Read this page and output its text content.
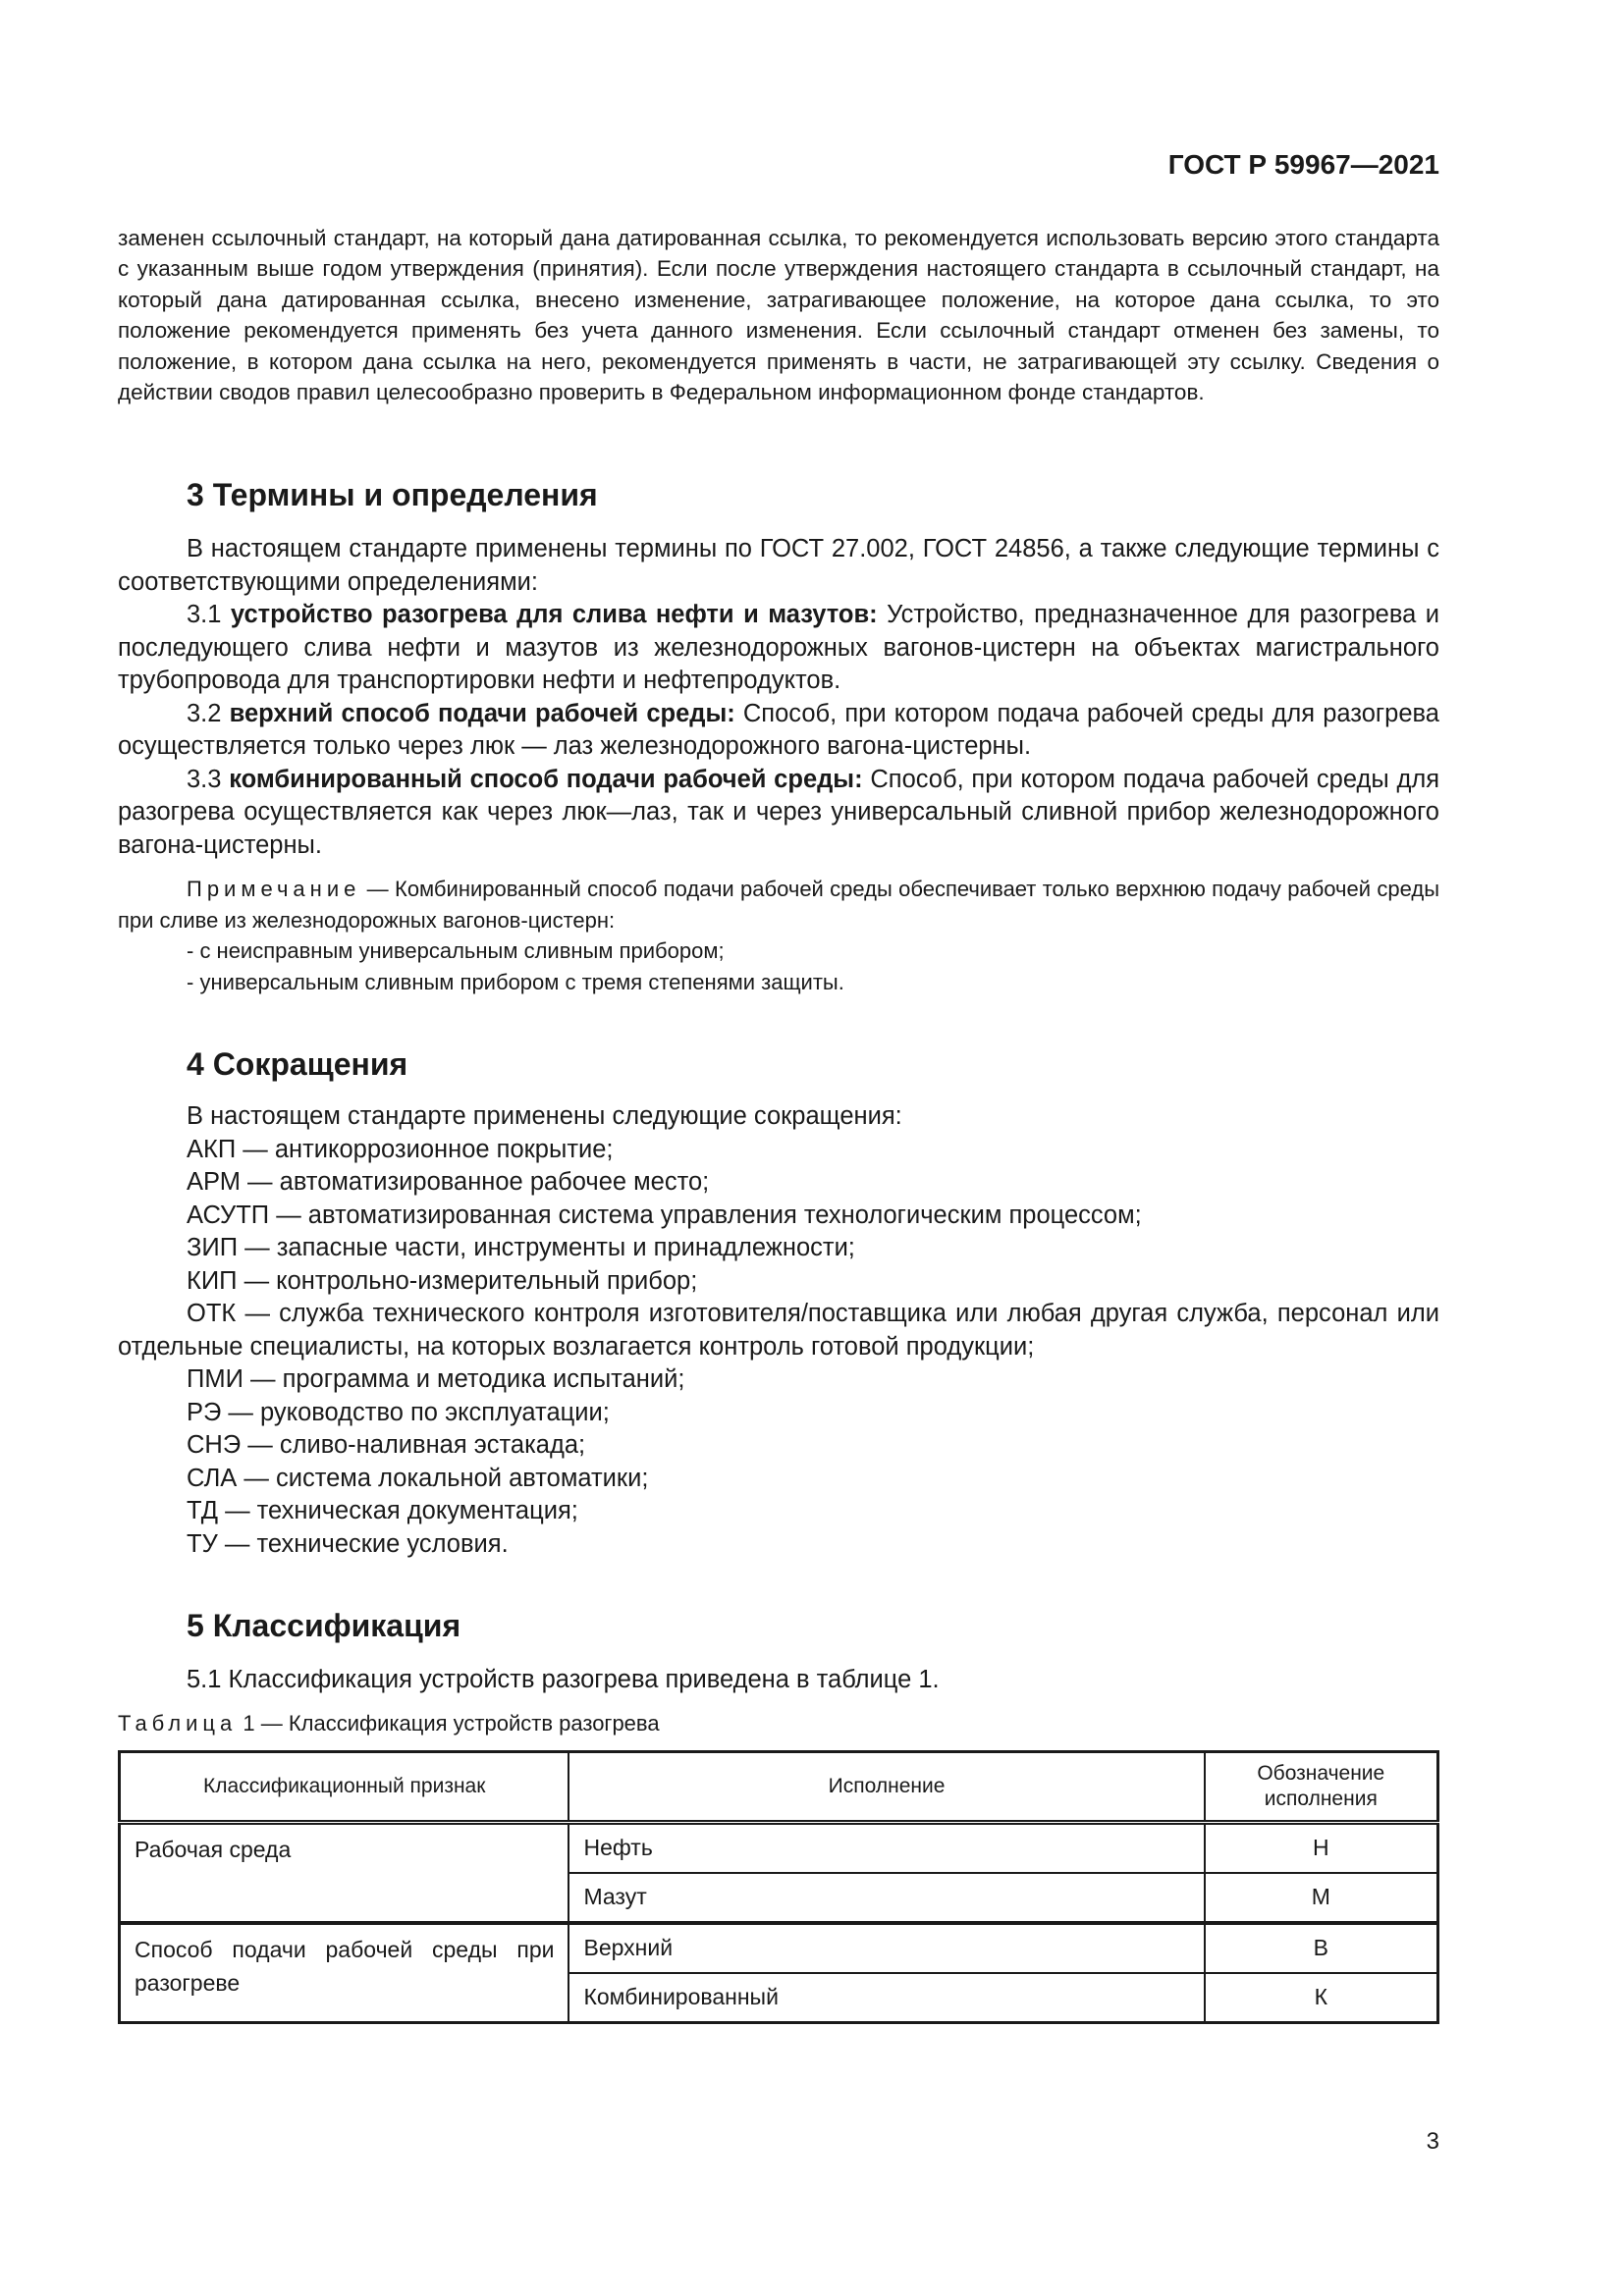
ГОСТ Р 59967—2021

заменен ссылочный стандарт, на который дана датированная ссылка, то рекомендуется использовать версию этого стандарта с указанным выше годом утверждения (принятия). Если после утверждения настоящего стандарта в ссылочный стандарт, на который дана датированная ссылка, внесено изменение, затрагивающее положение, на которое дана ссылка, то это положение рекомендуется применять без учета данного изменения. Если ссылочный стандарт отменен без замены, то положение, в котором дана ссылка на него, рекомендуется применять в части, не затрагивающей эту ссылку. Сведения о действии сводов правил целесообразно проверить в Федеральном информационном фонде стандартов.

3 Термины и определения

В настоящем стандарте применены термины по ГОСТ 27.002, ГОСТ 24856, а также следующие термины с соответствующими определениями:

3.1 устройство разогрева для слива нефти и мазутов: Устройство, предназначенное для разогрева и последующего слива нефти и мазутов из железнодорожных вагонов-цистерн на объектах магистрального трубопровода для транспортировки нефти и нефтепродуктов.

3.2 верхний способ подачи рабочей среды: Способ, при котором подача рабочей среды для разогрева осуществляется только через люк — лаз железнодорожного вагона-цистерны.

3.3 комбинированный способ подачи рабочей среды: Способ, при котором подача рабочей среды для разогрева осуществляется как через люк—лаз, так и через универсальный сливной прибор железнодорожного вагона-цистерны.

Примечание — Комбинированный способ подачи рабочей среды обеспечивает только верхнюю подачу рабочей среды при сливе из железнодорожных вагонов-цистерн:

- с неисправным универсальным сливным прибором;

- универсальным сливным прибором с тремя степенями защиты.

4 Сокращения

В настоящем стандарте применены следующие сокращения:

АКП — антикоррозионное покрытие;

АРМ — автоматизированное рабочее место;

АСУТП — автоматизированная система управления технологическим процессом;

ЗИП — запасные части, инструменты и принадлежности;

КИП — контрольно-измерительный прибор;

ОТК — служба технического контроля изготовителя/поставщика или любая другая служба, персонал или отдельные специалисты, на которых возлагается контроль готовой продукции;

ПМИ — программа и методика испытаний;

РЭ — руководство по эксплуатации;

СНЭ — сливо-наливная эстакада;

СЛА — система локальной автоматики;

ТД — техническая документация;

ТУ — технические условия.

5 Классификация

5.1 Классификация устройств разогрева приведена в таблице 1.

Таблица 1 — Классификация устройств разогрева

Классификационный признак	Исполнение	Обозначение исполнения
Рабочая среда	Нефть	Н
	Мазут	М
Способ подачи рабочей среды при разогреве	Верхний	В
	Комбинированный	К
3
